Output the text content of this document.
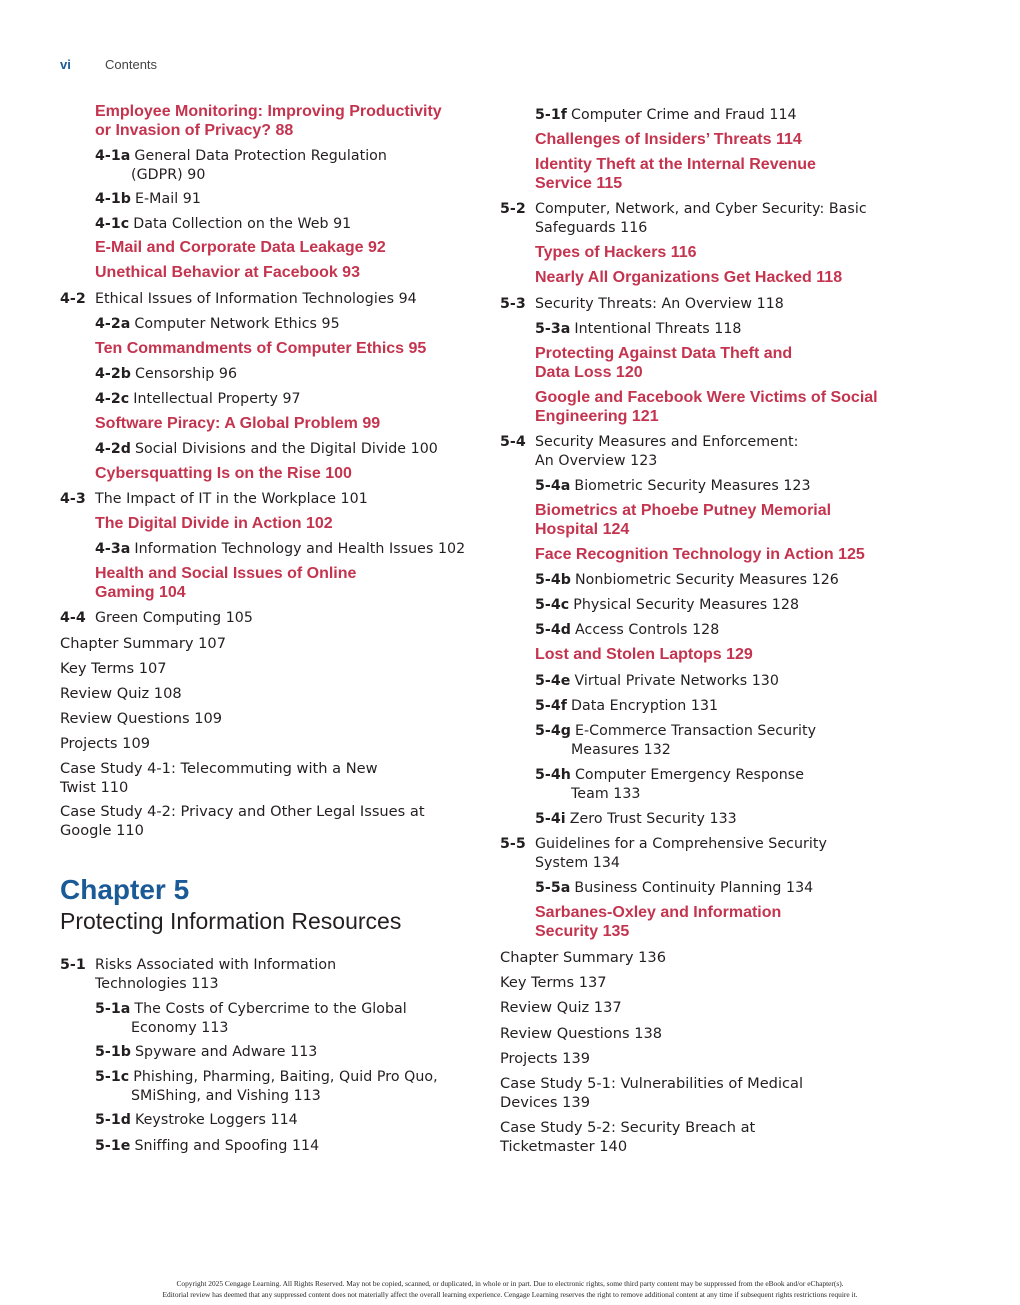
vi	Contents
Employee Monitoring: Improving Productivity
or Invasion of Privacy? 88
4-1a General Data Protection Regulation
(GDPR) 90
4-1b E-Mail 91
4-1c Data Collection on the Web 91
E-Mail and Corporate Data Leakage 92
Unethical Behavior at Facebook 93
4-2 Ethical Issues of Information Technologies 94
4-2a Computer Network Ethics 95
Ten Commandments of Computer Ethics 95
4-2b Censorship 96
4-2c Intellectual Property 97
Software Piracy: A Global Problem 99
4-2d Social Divisions and the Digital Divide 100
Cybersquatting Is on the Rise 100
4-3 The Impact of IT in the Workplace 101
The Digital Divide in Action 102
4-3a Information Technology and Health Issues 102
Health and Social Issues of Online
Gaming 104
4-4 Green Computing 105
Chapter Summary 107
Key Terms 107
Review Quiz 108
Review Questions 109
Projects 109
Case Study 4-1: Telecommuting with a New
Twist 110
Case Study 4-2: Privacy and Other Legal Issues at
Google 110
5-1 Risks Associated with Information
Technologies 113
5-1a The Costs of Cybercrime to the Global
Economy 113
5-1b Spyware and Adware 113
5-1c Phishing, Pharming, Baiting, Quid Pro Quo,
SMiShing, and Vishing 113
5-1d Keystroke Loggers 114
5-1e Sniffing and Spoofing 114
5-1f Computer Crime and Fraud 114
Challenges of Insiders’ Threats 114
Identity Theft at the Internal Revenue
Service 115
5-2 Computer, Network, and Cyber Security: Basic
Safeguards 116
Types of Hackers 116
Nearly All Organizations Get Hacked 118
5-3 Security Threats: An Overview 118
5-3a Intentional Threats 118
Protecting Against Data Theft and
Data Loss 120
Google and Facebook Were Victims of Social
Engineering 121
5-4 Security Measures and Enforcement:
An Overview 123
5-4a Biometric Security Measures 123
Biometrics at Phoebe Putney Memorial
Hospital 124
Face Recognition Technology in Action 125
5-4b Nonbiometric Security Measures 126
5-4c Physical Security Measures 128
5-4d Access Controls 128
Lost and Stolen Laptops 129
5-4e Virtual Private Networks 130
5-4f Data Encryption 131
5-4g E-Commerce Transaction Security
Measures 132
5-4h Computer Emergency Response
Team 133
5-4i Zero Trust Security 133
5-5 Guidelines for a Comprehensive Security
System 134
5-5a Business Continuity Planning 134
Sarbanes-Oxley and Information
Security 135
Chapter Summary 136
Key Terms 137
Review Quiz 137
Review Questions 138
Projects 139
Case Study 5-1: Vulnerabilities of Medical
Devices 139
Case Study 5-2: Security Breach at
Ticketmaster 140
Chapter 5
Protecting Information Resources
Copyright 2025 Cengage Learning. All Rights Reserved. May not be copied, scanned, or duplicated, in whole or in part. Due to electronic rights, some third party content may be suppressed from the eBook and/or eChapter(s).
Editorial review has deemed that any suppressed content does not materially affect the overall learning experience. Cengage Learning reserves the right to remove additional content at any time if subsequent rights restrictions require it.
